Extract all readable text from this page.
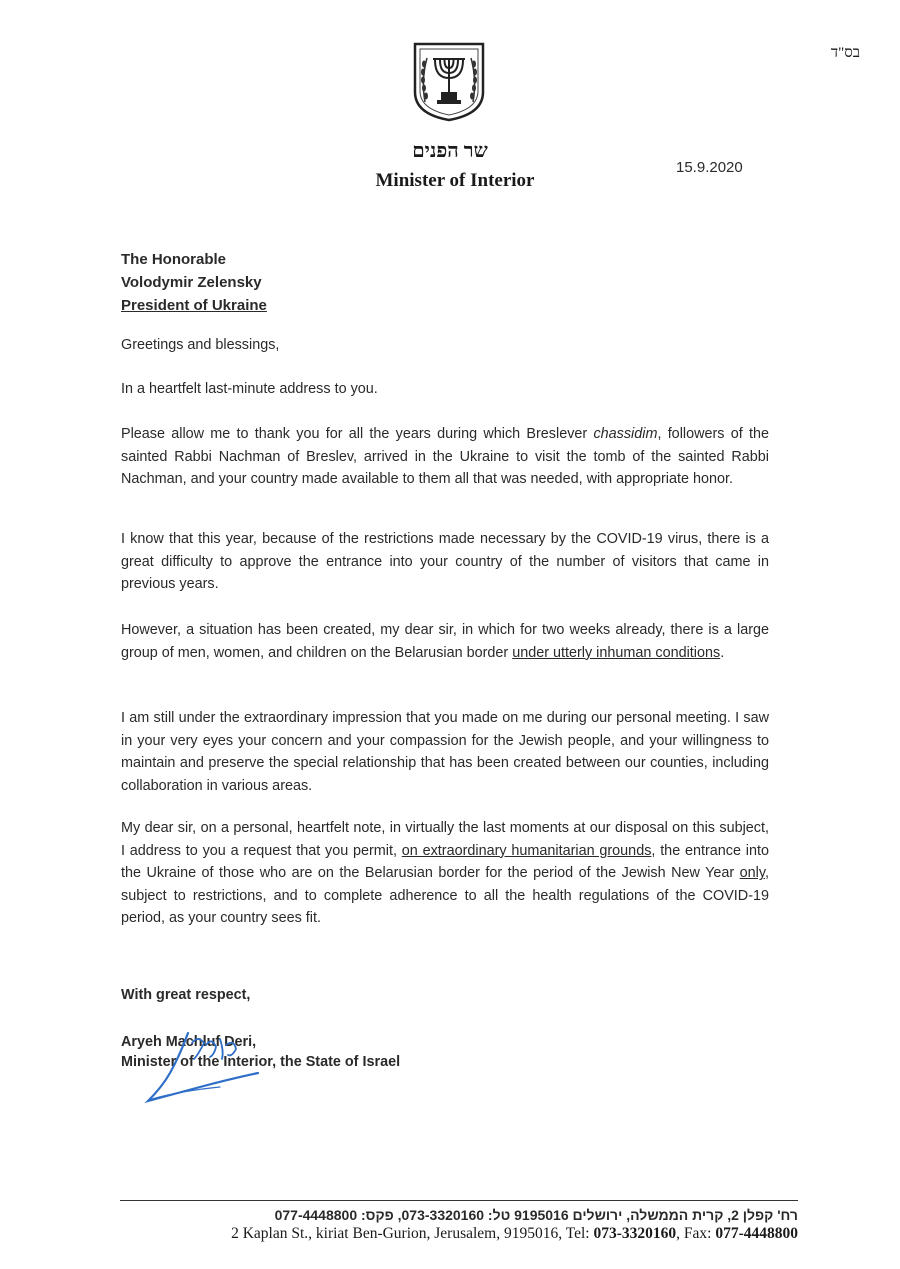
בס"ד
שר הפנים
Minister of Interior
15.9.2020
The Honorable
Volodymir Zelensky
President of Ukraine
Greetings and blessings,
In a heartfelt last-minute address to you.
Please allow me to thank you for all the years during which Breslever chassidim, followers of the sainted Rabbi Nachman of Breslev, arrived in the Ukraine to visit the tomb of the sainted Rabbi Nachman, and your country made available to them all that was needed, with appropriate honor.
I know that this year, because of the restrictions made necessary by the COVID-19 virus, there is a great difficulty to approve the entrance into your country of the number of visitors that came in previous years.
However, a situation has been created, my dear sir, in which for two weeks already, there is a large group of men, women, and children on the Belarusian border under utterly inhuman conditions.
I am still under the extraordinary impression that you made on me during our personal meeting. I saw in your very eyes your concern and your compassion for the Jewish people, and your willingness to maintain and preserve the special relationship that has been created between our counties, including collaboration in various areas.
My dear sir, on a personal, heartfelt note, in virtually the last moments at our disposal on this subject, I address to you a request that you permit, on extraordinary humanitarian grounds, the entrance into the Ukraine of those who are on the Belarusian border for the period of the Jewish New Year only, subject to restrictions, and to complete adherence to all the health regulations of the COVID-19 period, as your country sees fit.
With great respect,
Aryeh Machluf Deri,
Minister of the Interior, the State of Israel
רח' קפלן 2, קרית הממשלה, ירושלים 9195016 טל: 073-3320160, פקס: 077-4448800
2 Kaplan St., kiriat Ben-Gurion, Jerusalem, 9195016, Tel: 073-3320160, Fax: 077-4448800
